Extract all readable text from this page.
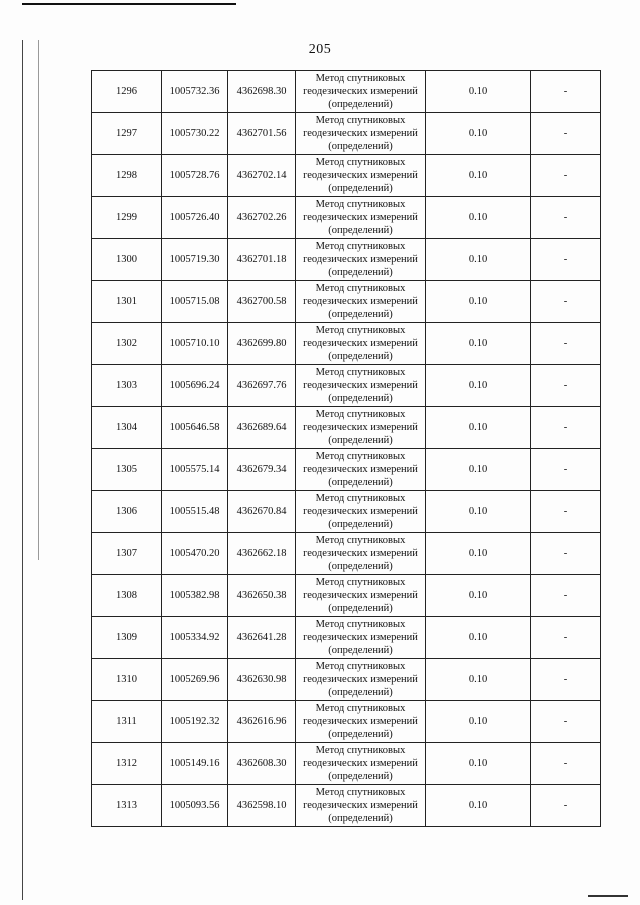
205
1296	1005732.36	4362698.30	Метод спутниковых
геодезических измерений
(определений)	0.10	-
1297	1005730.22	4362701.56	Метод спутниковых
геодезических измерений
(определений)	0.10	-
1298	1005728.76	4362702.14	Метод спутниковых
геодезических измерений
(определений)	0.10	-
1299	1005726.40	4362702.26	Метод спутниковых
геодезических измерений
(определений)	0.10	-
1300	1005719.30	4362701.18	Метод спутниковых
геодезических измерений
(определений)	0.10	-
1301	1005715.08	4362700.58	Метод спутниковых
геодезических измерений
(определений)	0.10	-
1302	1005710.10	4362699.80	Метод спутниковых
геодезических измерений
(определений)	0.10	-
1303	1005696.24	4362697.76	Метод спутниковых
геодезических измерений
(определений)	0.10	-
1304	1005646.58	4362689.64	Метод спутниковых
геодезических измерений
(определений)	0.10	-
1305	1005575.14	4362679.34	Метод спутниковых
геодезических измерений
(определений)	0.10	-
1306	1005515.48	4362670.84	Метод спутниковых
геодезических измерений
(определений)	0.10	-
1307	1005470.20	4362662.18	Метод спутниковых
геодезических измерений
(определений)	0.10	-
1308	1005382.98	4362650.38	Метод спутниковых
геодезических измерений
(определений)	0.10	-
1309	1005334.92	4362641.28	Метод спутниковых
геодезических измерений
(определений)	0.10	-
1310	1005269.96	4362630.98	Метод спутниковых
геодезических измерений
(определений)	0.10	-
1311	1005192.32	4362616.96	Метод спутниковых
геодезических измерений
(определений)	0.10	-
1312	1005149.16	4362608.30	Метод спутниковых
геодезических измерений
(определений)	0.10	-
1313	1005093.56	4362598.10	Метод спутниковых
геодезических измерений
(определений)	0.10	-
